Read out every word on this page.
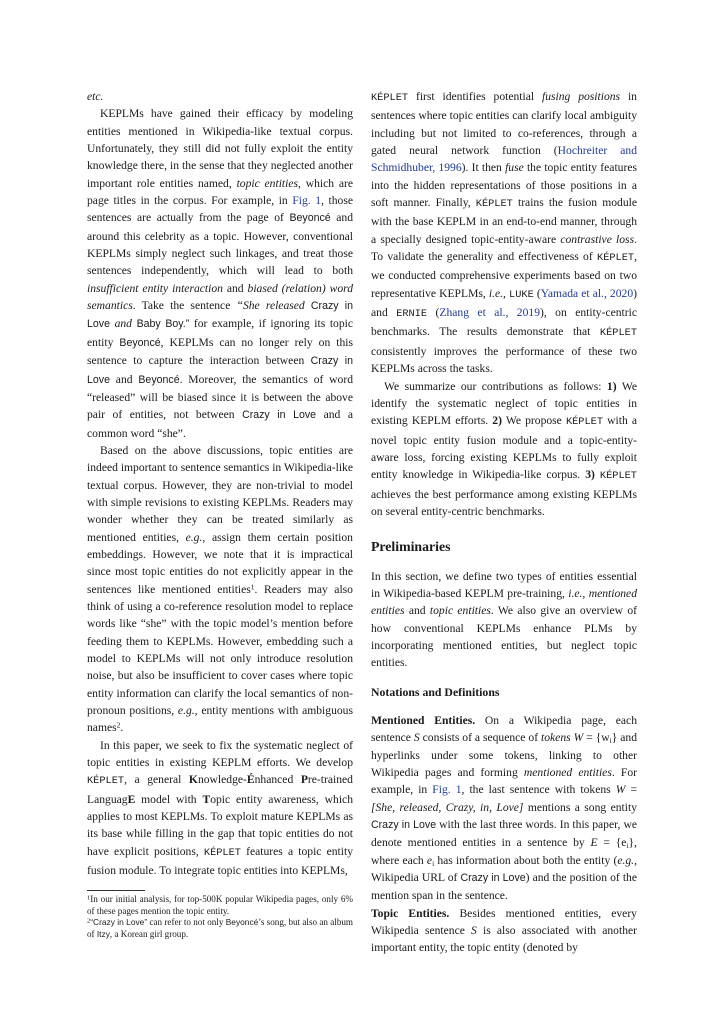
etc.

KEPLMs have gained their efficacy by modeling entities mentioned in Wikipedia-like textual corpus. Unfortunately, they still did not fully exploit the entity knowledge there, in the sense that they neglected another important role entities named, topic entities, which are page titles in the corpus. For example, in Fig. 1, those sentences are actually from the page of Beyoncé and around this celebrity as a topic. However, conventional KEPLMs simply neglect such linkages, and treat those sentences independently, which will lead to both insufficient entity interaction and biased (relation) word semantics. Take the sentence “She released Crazy in Love and Baby Boy.” for example, if ignoring its topic entity Beyoncé, KEPLMs can no longer rely on this sentence to capture the interaction between Crazy in Love and Beyoncé. Moreover, the semantics of word “released” will be biased since it is between the above pair of entities, not between Crazy in Love and a common word “she”.

Based on the above discussions, topic entities are indeed important to sentence semantics in Wikipedia-like textual corpus. However, they are non-trivial to model with simple revisions to existing KEPLMs. Readers may wonder whether they can be treated similarly as mentioned entities, e.g., assign them certain position embeddings. However, we note that it is impractical since most topic entities do not explicitly appear in the sentences like mentioned entities$^1$. Readers may also think of using a co-reference resolution model to replace words like “she” with the topic model’s mention before feeding them to KEPLMs. However, embedding such a model to KEPLMs will not only introduce resolution noise, but also be insufficient to cover cases where topic entity information can clarify the local semantics of non-pronoun positions, e.g., entity mentions with ambiguous names$^2$.

In this paper, we seek to fix the systematic neglect of topic entities in existing KEPLM efforts. We develop KÉPLET, a general Knowledge-Énhanced Pre-trained LanguagE model with Topic entity awareness, which applies to most KEPLMs. To exploit mature KEPLMs as its base while filling in the gap that topic entities do not have explicit positions, KÉPLET features a topic entity fusion module. To integrate topic entities into KEPLMs,

$^1$In our initial analysis, for top-500K popular Wikipedia pages, only 6% of these pages mention the topic entity.

$^2$“Crazy in Love” can refer to not only Beyoncé’s song, but also an album of Itzy, a Korean girl group.

KÉPLET first identifies potential fusing positions in sentences where topic entities can clarify local ambiguity including but not limited to co-references, through a gated neural network function (Hochreiter and Schmidhuber, 1996). It then fuse the topic entity features into the hidden representations of those positions in a soft manner. Finally, KÉPLET trains the fusion module with the base KEPLM in an end-to-end manner, through a specially designed topic-entity-aware contrastive loss. To validate the generality and effectiveness of KÉPLET, we conducted comprehensive experiments based on two representative KEPLMs, i.e., LUKE (Yamada et al., 2020) and ERNIE (Zhang et al., 2019), on entity-centric benchmarks. The results demonstrate that KÉPLET consistently improves the performance of these two KEPLMs across the tasks.

We summarize our contributions as follows: 1) We identify the systematic neglect of topic entities in existing KEPLM efforts. 2) We propose KÉPLET with a novel topic entity fusion module and a topic-entity-aware loss, forcing existing KEPLMs to fully exploit entity knowledge in Wikipedia-like corpus. 3) KÉPLET achieves the best performance among existing KEPLMs on several entity-centric benchmarks.

Preliminaries

In this section, we define two types of entities essential in Wikipedia-based KEPLM pre-training, i.e., mentioned entities and topic entities. We also give an overview of how conventional KEPLMs enhance PLMs by incorporating mentioned entities, but neglect topic entities.

Notations and Definitions

Mentioned Entities. On a Wikipedia page, each sentence S consists of a sequence of tokens $W = \{w_i\}$ and hyperlinks under some tokens, linking to other Wikipedia pages and forming mentioned entities. For example, in Fig. 1, the last sentence with tokens W = [She, released, Crazy, in, Love] mentions a song entity Crazy in Love with the last three words. In this paper, we denote mentioned entities in a sentence by $E = \{e_i\}$, where each $e_i$ has information about both the entity (e.g., Wikipedia URL of Crazy in Love) and the position of the mention span in the sentence.

Topic Entities. Besides mentioned entities, every Wikipedia sentence S is also associated with another important entity, the topic entity (denoted by
